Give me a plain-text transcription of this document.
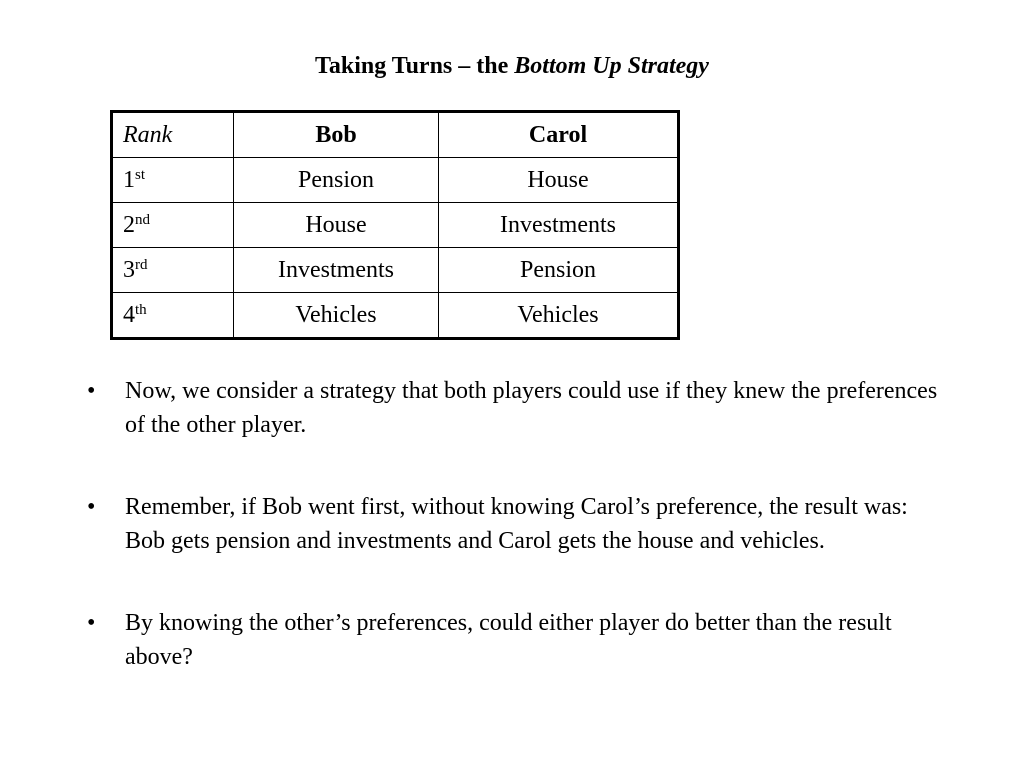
Taking Turns – the Bottom Up Strategy
Rank	Bob	Carol
1st	Pension	House
2nd	House	Investments
3rd	Investments	Pension
4th	Vehicles	Vehicles
• Now, we consider a strategy that both players could use if they knew the preferences of the other player.
• Remember, if Bob went first, without knowing Carol’s preference, the result was: Bob gets pension and investments and Carol gets the house and vehicles.
• By knowing the other’s preferences, could either player do better than the result above?
